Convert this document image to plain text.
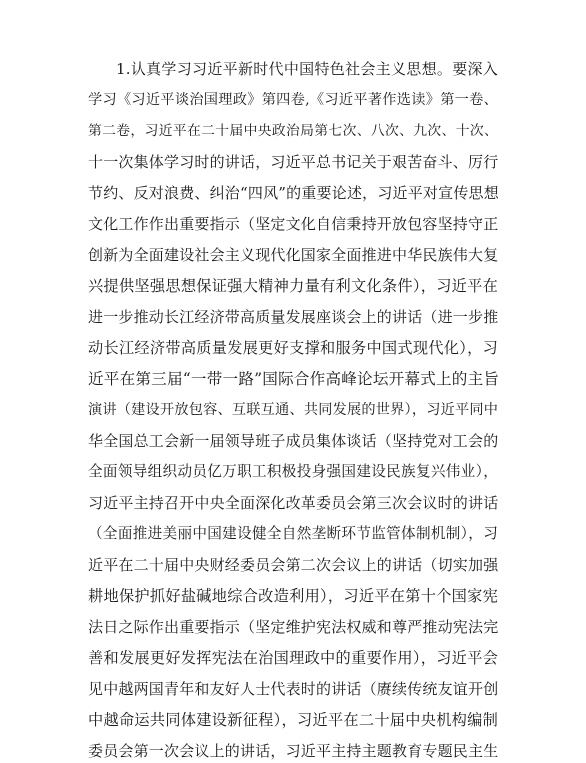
1.认真学习习近平新时代中国特色社会主义思想。要深入
学习《习近平谈治国理政》第四卷,《习近平著作选读》第一卷、
第二卷，习近平在二十届中央政治局第七次、八次、九次、十次、
十一次集体学习时的讲话，习近平总书记关于艰苦奋斗、厉行
节约、反对浪费、纠治“四风”的重要论述，习近平对宣传思想
文化工作作出重要指示（坚定文化自信秉持开放包容坚持守正
创新为全面建设社会主义现代化国家全面推进中华民族伟大复
兴提供坚强思想保证强大精神力量有利文化条件），习近平在
进一步推动长江经济带高质量发展座谈会上的讲话（进一步推
动长江经济带高质量发展更好支撑和服务中国式现代化），习
近平在第三届“一带一路”国际合作高峰论坛开幕式上的主旨
演讲（建设开放包容、互联互通、共同发展的世界），习近平同中
华全国总工会新一届领导班子成员集体谈话（坚持党对工会的
全面领导组织动员亿万职工积极投身强国建设民族复兴伟业），
习近平主持召开中央全面深化改革委员会第三次会议时的讲话
（全面推进美丽中国建设健全自然垄断环节监管体制机制），习
近平在二十届中央财经委员会第二次会议上的讲话（切实加强
耕地保护抓好盐碱地综合改造利用），习近平在第十个国家宪
法日之际作出重要指示（坚定维护宪法权威和尊严推动宪法完
善和发展更好发挥宪法在治国理政中的重要作用），习近平会
见中越两国青年和友好人士代表时的讲话（赓续传统友谊开创
中越命运共同体建设新征程），习近平在二十届中央机构编制
委员会第一次会议上的讲话，习近平主持主题教育专题民主生
